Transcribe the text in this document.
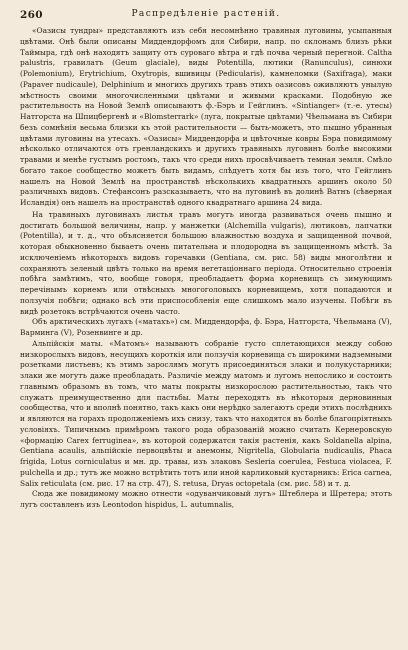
260	Распредѣленіе растеній.

«Оазисы тундры» представляютъ изъ себя несомнѣнно травяныя луговины, усыпанныя цвѣтами. Онѣ были описаны Миддендорфомъ для Сибири, напр. по склонамъ близъ рѣки Таймыра, гдѣ онѣ находятъ защиту отъ суроваго вѣтра и гдѣ почва черный перегной. Caltha palustris, гравилатъ (Geum glaciale), виды Potentilla, лютики (Ranunculus), синюхи (Polemonium), Erytrichium, Oxytropis, вшивицы (Pedicularis), камнеломки (Saxifraga), маки (Papaver nudicaule), Delphinium и многихъ другихъ травъ этихъ оазисовъ оживляютъ унылую мѣстность своими многочисленными цвѣтами и живыми красками. Подобную же растительность на Новой Землѣ описываютъ ф.-Бэръ и Гейглинъ. «Sintianger» (т.-е. утесы) Натгорста на Шпицбергенѣ и «Blomsterrark» (луга, покрытые цвѣтами) Чѣельмана въ Сибири безъ сомнѣнія весьма близки къ этой растительности — быть-можетъ, это пышно убранныя цвѣтами луговины на утесахъ. «Оазисы» Миддендорфа и цвѣточные ковры Бэра повидимому нѣсколько отличаются отъ гренландскихъ и другихъ травяныхъ луговинъ болѣе высокими травами и менѣе густымъ ростомъ, такъ что среди нихъ просвѣчиваетъ темная земля. Смѣло богато такое сообщество можетъ быть видамъ, слѣдуетъ хотя бы изъ того, что Гейглинъ нашелъ на Новой Землѣ на пространствѣ нѣсколькихъ квадратныхъ аршинъ около 50 различныхъ видовъ. Стефансонъ разсказываетъ, что на луговинѣ въ долинѣ Ватнъ (сѣверная Исландія) онъ нашелъ на пространствѣ одного квадратнаго аршина 24 вида.

На травяныхъ луговинахъ листья травъ могутъ иногда развиваться очень пышно и достигать большой величины, напр. у манжетки (Alchemilla vulgaris), лютиковъ, лапчатки (Potentilla), и т. д., что объясняется большою влажностью воздуха и защищенной почвой, которая обыкновенно бываетъ очень питательна и плодородна въ защищенномъ мѣстѣ. За исключеніемъ нѣкоторыхъ видовъ горечавки (Gentiana, см. рис. 58) виды многолѣтни и сохраняютъ зеленый цвѣтъ только на время вегетаціоннаго періода. Относительно строенія побѣга замѣтимъ, что, вообще говоря, преобладаетъ форма корневищъ съ зимующимъ перечінымъ корнемъ или отвѣсныхъ многоголовыхъ корневищемъ, хотя попадаются и ползучія побѣги; однако всѣ эти приспособленія еще слишкомъ мало изучены. Побѣги въ видѣ розетокъ встрѣчаются очень часто.

Объ арктическихъ лугахъ («матахъ») см. Миддендорфа, ф. Бэра, Натгорста, Чѣельмана (V), Варминга (V), Розенвинге и др.

Альпійскія маты. «Матомъ» называютъ собраніе густо сплетающихся между собою низкорослыхъ видовъ, несущихъ короткія или ползучія корневища съ широкими надземными розетками листьевъ; къ этимъ зарослямъ могутъ присоединяться злаки и полукустарники; злаки же могутъ даже преобладать. Различіе между матомъ и лугомъ непослико и состоитъ главнымъ образомъ въ томъ, что маты покрыты низкорослою растительностью, такъ что служатъ преимущественно для пастьбы. Маты переходятъ въ нѣкоторыя дерновинныя сообщества, что и вполнѣ понятно, такъ какъ они нерѣдко залегаютъ среди этихъ послѣднихъ и являются на горахъ продолженіемъ ихъ снизу, такъ что находятся въ болѣе благопріятныхъ условіяхъ. Типичнымъ примѣромъ такого рода образованій можно считать Кернеровскую «формацію Carex ferruginea», въ которой содержатся такія растенія, какъ Soldanella alpina, Gentiana acaulis, альпійскіе первоцвѣты и анемоны, Nigritella, Globularia nudicaulis, Phaca frigida, Lotus corniculatus и мн. др. травы, изъ злаковъ Sesleria coerulea, Festuca violacea, F. pulchella и др.; тутъ же можно встрѣтить тотъ или иной карликовый кустарникъ: Erica carnea, Salix reticulata (см. рис. 17 на стр. 47), S. retusa, Dryas octopetala (см. рис. 58) и т. д.

Сюда же повидимому можно отнести «одуванчиковый лугъ» Штеблера и Шретера; этотъ лугъ составленъ изъ Leontodon hispidus, L. autumnalis,
